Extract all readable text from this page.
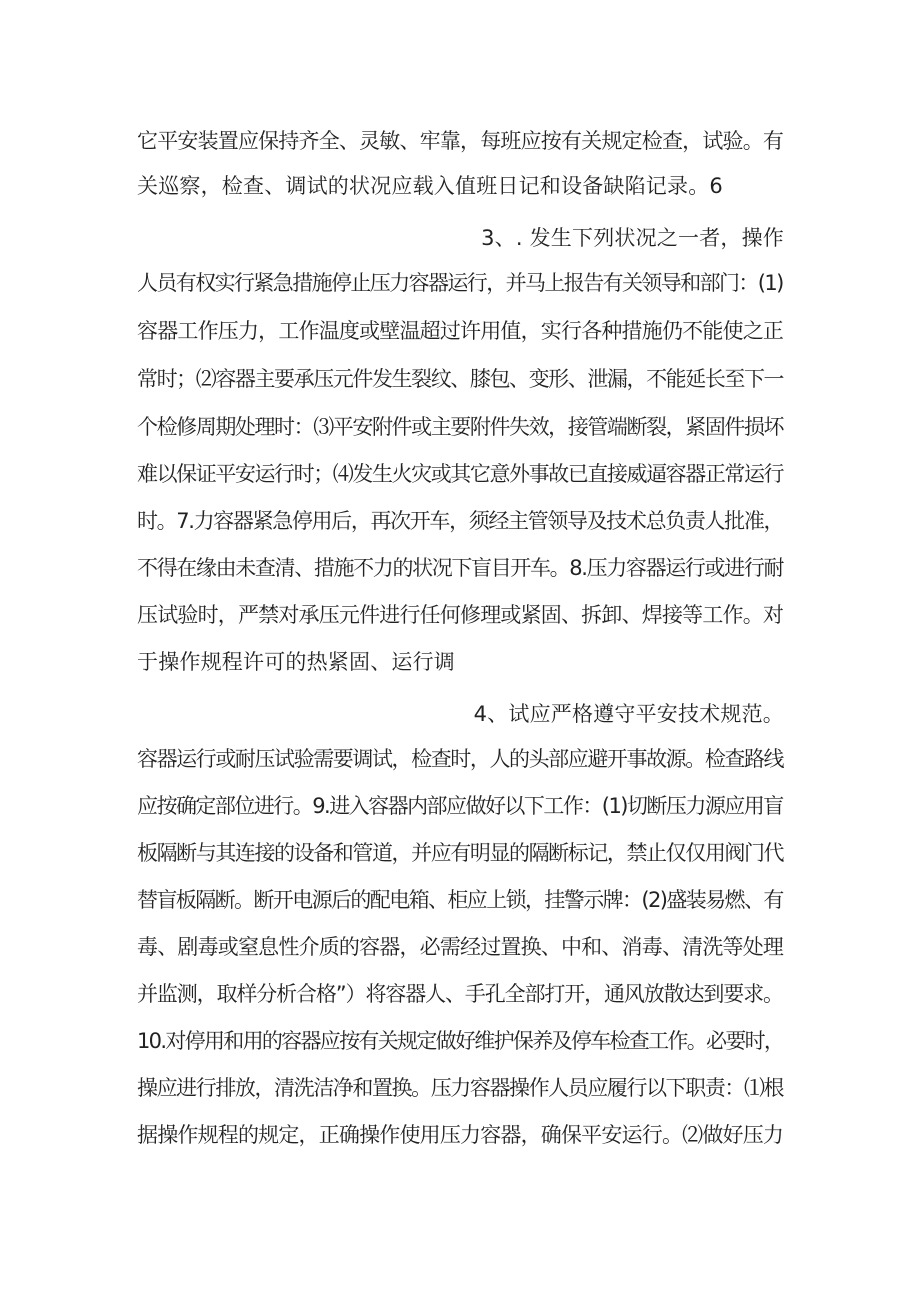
它平安装置应保持齐全、灵敏、牢靠，每班应按有关规定检查，试验。有
关巡察，检查、调试的状况应载入值班日记和设备缺陷记录。6
3、. 发生下列状况之一者，操作
人员有权实行紧急措施停止压力容器运行，并马上报告有关领导和部门：(1)
容器工作压力，工作温度或壁温超过许用值，实行各种措施仍不能使之正
常时；⑵容器主要承压元件发生裂纹、膝包、变形、泄漏，不能延长至下一
个检修周期处理时：⑶平安附件或主要附件失效，接管端断裂，紧固件损坏
难以保证平安运行时；⑷发生火灾或其它意外事故已直接威逼容器正常运行
时。7.力容器紧急停用后，再次开车，须经主管领导及技术总负责人批准，
不得在缘由未查清、措施不力的状况下盲目开车。8.压力容器运行或进行耐
压试验时，严禁对承压元件进行任何修理或紧固、拆卸、焊接等工作。对
于操作规程许可的热紧固、运行调
4、试应严格遵守平安技术规范。
容器运行或耐压试验需要调试，检查时，人的头部应避开事故源。检查路线
应按确定部位进行。9.进入容器内部应做好以下工作：(1)切断压力源应用盲
板隔断与其连接的设备和管道，并应有明显的隔断标记，禁止仅仅用阀门代
替盲板隔断。断开电源后的配电箱、柜应上锁，挂警示牌：(2)盛装易燃、有
毒、剧毒或窒息性介质的容器，必需经过置换、中和、消毒、清洗等处理
并监测，取样分析合格”）将容器人、手孔全部打开，通风放散达到要求。
10.对停用和用的容器应按有关规定做好维护保养及停车检查工作。必要时，
操应进行排放，清洗洁净和置换。压力容器操作人员应履行以下职责：⑴根
据操作规程的规定，正确操作使用压力容器，确保平安运行。⑵做好压力
